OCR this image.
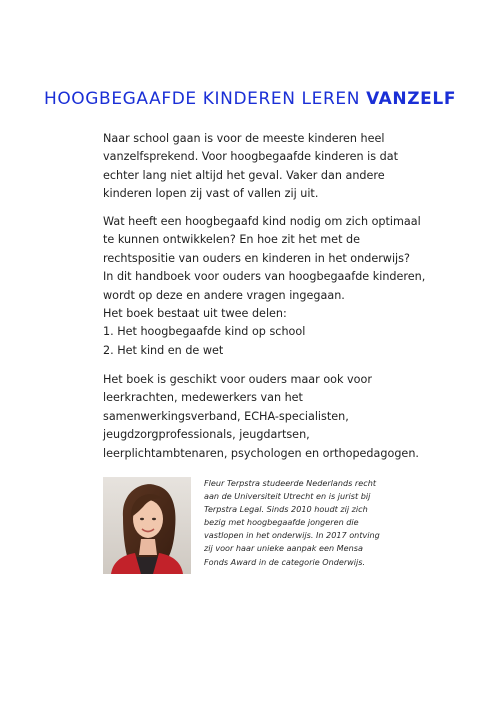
HOOGBEGAAFDE KINDEREN LEREN VANZELF
Naar school gaan is voor de meeste kinderen heel
vanzelfsprekend. Voor hoogbegaafde kinderen is dat
echter lang niet altijd het geval. Vaker dan andere
kinderen lopen zij vast of vallen zij uit.
Wat heeft een hoogbegaafd kind nodig om zich optimaal
te kunnen ontwikkelen? En hoe zit het met de
rechtspositie van ouders en kinderen in het onderwijs?
In dit handboek voor ouders van hoogbegaafde kinderen,
wordt op deze en andere vragen ingegaan.
Het boek bestaat uit twee delen:
1. Het hoogbegaafde kind op school
2. Het kind en de wet
Het boek is geschikt voor ouders maar ook voor
leerkrachten, medewerkers van het
samenwerkingsverband, ECHA-specialisten,
jeugdzorgprofessionals, jeugdartsen,
leerplichtambtenaren, psychologen en orthopedagogen.
Fleur Terpstra studeerde Nederlands recht
aan de Universiteit Utrecht en is jurist bij
Terpstra Legal. Sinds 2010 houdt zij zich
bezig met hoogbegaafde jongeren die
vastlopen in het onderwijs. In 2017 ontving
zij voor haar unieke aanpak een Mensa
Fonds Award in de categorie Onderwijs.
